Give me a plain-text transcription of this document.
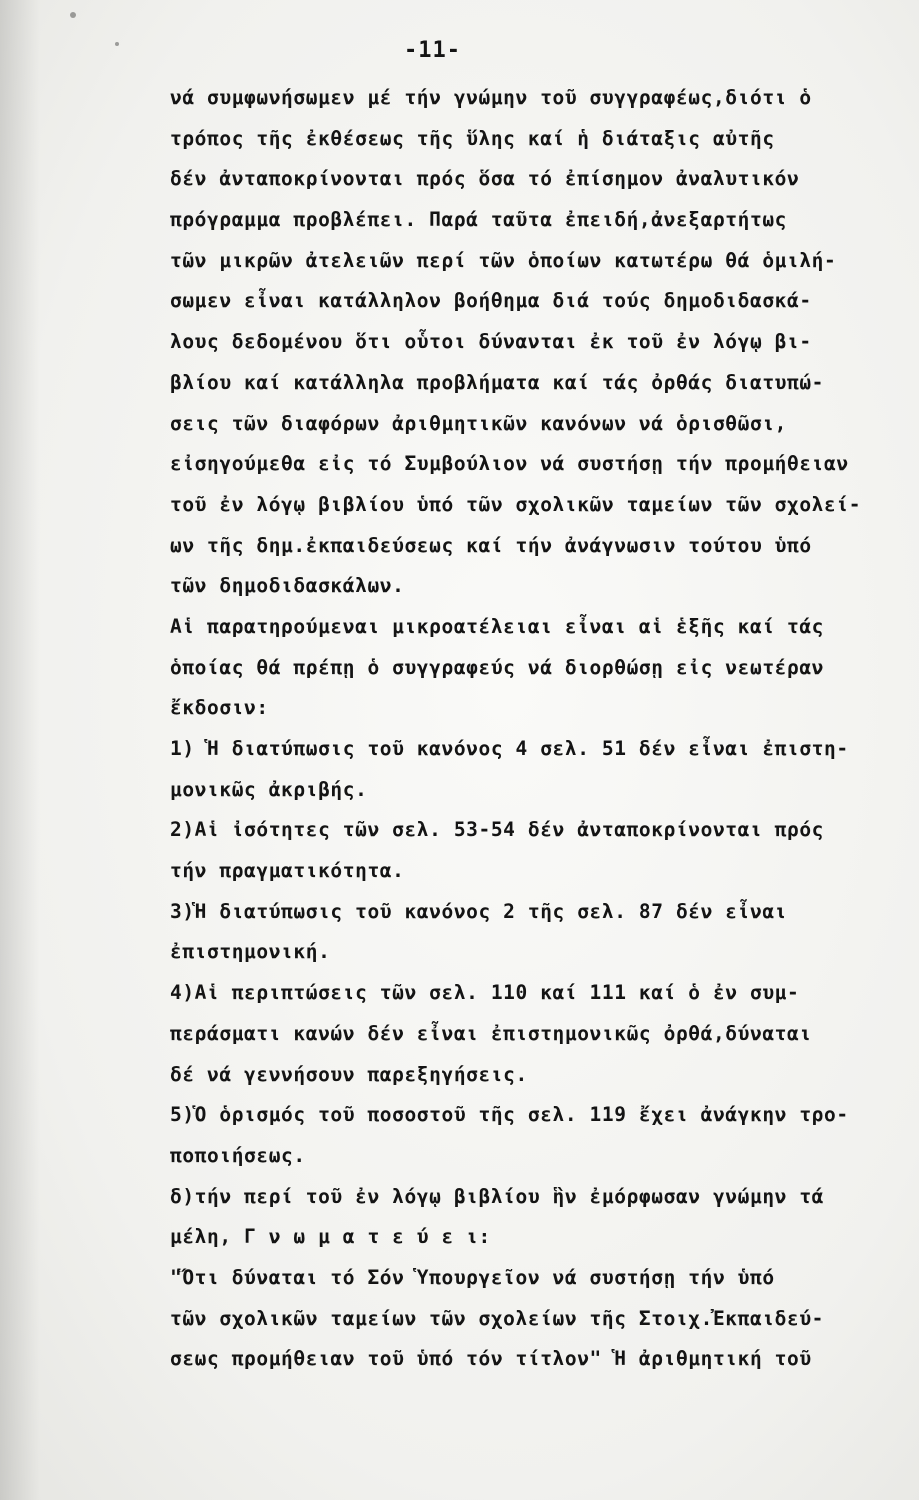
-11-
νά συμφωνήσωμεν μέ τήν γνώμην τοῦ συγγραφέως,διότι ὁ
τρόπος τῆς ἐκθέσεως τῆς ὕλης καί ἡ διάταξις αὐτῆς
δέν ἀνταποκρίνονται πρός ὅσα τό ἐπίσημον ἀναλυτικόν
πρόγραμμα προβλέπει. Παρά ταῦτα ἐπειδή,ἀνεξαρτήτως
τῶν μικρῶν ἀτελειῶν περί τῶν ὁποίων κατωτέρω θά ὁμιλή-
σωμεν εἶναι κατάλληλον βοήθημα διά τούς δημοδιδασκά-
λους δεδομένου ὅτι οὗτοι δύνανται ἐκ τοῦ ἐν λόγῳ βι-
βλίου καί κατάλληλα προβλήματα καί τάς ὀρθάς διατυπώ-
σεις τῶν διαφόρων ἀριθμητικῶν κανόνων νά ὁρισθῶσι,
εἰσηγούμεθα εἰς τό Συμβούλιον νά συστήσῃ τήν προμήθειαν
τοῦ ἐν λόγῳ βιβλίου ὑπό τῶν σχολικῶν ταμείων τῶν σχολεί-
ων τῆς δημ.ἐκπαιδεύσεως καί τήν ἀνάγνωσιν τούτου ὑπό
τῶν δημοδιδασκάλων.
Αἱ παρατηρούμεναι μικροατέλειαι εἶναι αἱ ἑξῆς καί τάς
ὁποίας θά πρέπῃ ὁ συγγραφεύς νά διορθώσῃ εἰς νεωτέραν
ἔκδοσιν:
1) Ἡ διατύπωσις τοῦ κανόνος 4 σελ. 51 δέν εἶναι ἐπιστη-
μονικῶς ἀκριβής.
2)Αἱ ἰσότητες τῶν σελ. 53-54 δέν ἀνταποκρίνονται πρός
τήν πραγματικότητα.
3)Ἡ διατύπωσις τοῦ κανόνος 2 τῆς σελ. 87 δέν εἶναι
ἐπιστημονική.
4)Αἱ περιπτώσεις τῶν σελ. 110 καί 111 καί ὁ ἐν συμ-
περάσματι κανών δέν εἶναι ἐπιστημονικῶς ὀρθά,δύναται
δέ νά γεννήσουν παρεξηγήσεις.
5)Ὁ ὁρισμός τοῦ ποσοστοῦ τῆς σελ. 119 ἔχει ἀνάγκην τρο-
ποποιήσεως.
δ)τήν περί τοῦ ἐν λόγῳ βιβλίου ἣν ἐμόρφωσαν γνώμην τά
μέλη, Γ ν ω μ α τ ε ύ ε ι:
"Ὅτι δύναται τό Σόν Ὑπουργεῖον νά συστήσῃ τήν ὑπό
τῶν σχολικῶν ταμείων τῶν σχολείων τῆς Στοιχ.Ἐκπαιδεύ-
σεως προμήθειαν τοῦ ὑπό τόν τίτλον" Ἡ ἀριθμητική τοῦ
